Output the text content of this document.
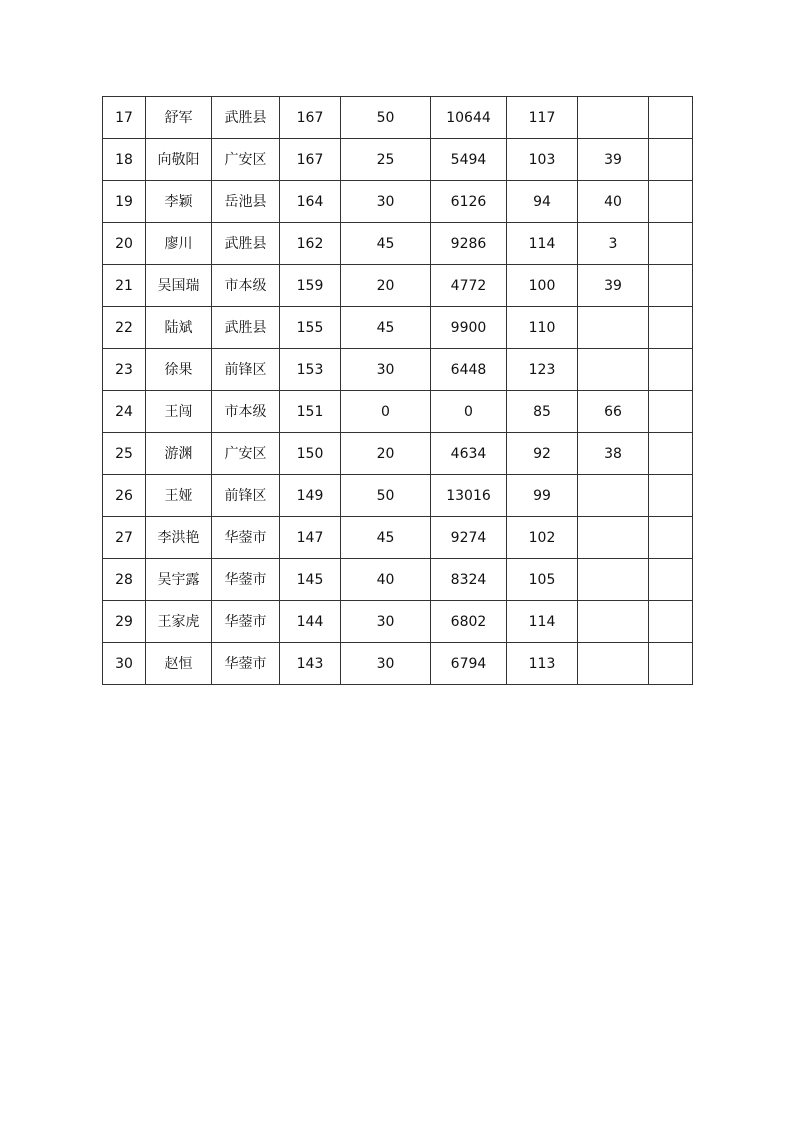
17	舒军	武胜县	167	50	10644	117		
18	向敬阳	广安区	167	25	5494	103	39	
19	李颖	岳池县	164	30	6126	94	40	
20	廖川	武胜县	162	45	9286	114	3	
21	吴国瑞	市本级	159	20	4772	100	39	
22	陆斌	武胜县	155	45	9900	110		
23	徐果	前锋区	153	30	6448	123		
24	王闯	市本级	151	0	0	85	66	
25	游渊	广安区	150	20	4634	92	38	
26	王娅	前锋区	149	50	13016	99		
27	李洪艳	华蓥市	147	45	9274	102		
28	吴宇露	华蓥市	145	40	8324	105		
29	王家虎	华蓥市	144	30	6802	114		
30	赵恒	华蓥市	143	30	6794	113		
